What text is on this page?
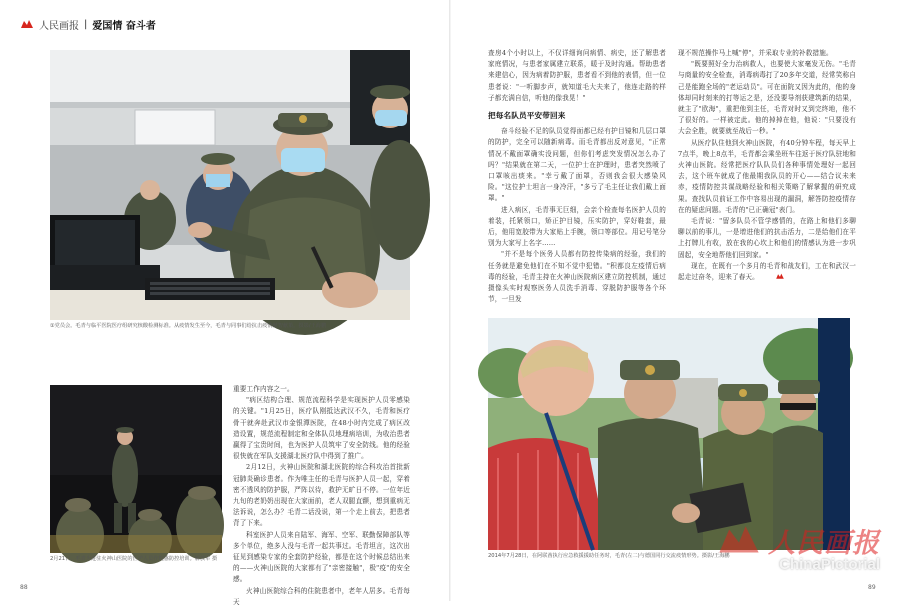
人民画报 | 爱国情 奋斗者
①党员会。毛青与临平医院医疗组研究核酸检测标准。从疫情发生至今，毛青与同事们给抗击疫情献智献策。摄影/王海鹏
2月21日，毛青为进驻火神山医院的医护人员作院感防控培训。解放军 摄

重要工作内容之一。

"病区结构合理、规范流程科学是实现医护人员零感染的关键。"1月25日，医疗队刚抵达武汉不久，毛青和医疗骨干就奔赴武汉市金银潭医院，在48小时内完成了病区改造设置，规范流程制定和全体队员地理病培训，为收治患者赢得了宝贵时间，也为医护人员筑牢了安全防线。他的经验很快就在军队支援湖北医疗队中得到了推广。

2月12日，火神山医院和湖北医院的综合科攻治首批新冠肺炎确诊患者。作为唯主任的毛青与医护人员一起，穿着密不透风的防护服，严阵以待，救护无旷日不停。一位年近九旬的老奶奶出现在大家面前，老人双腿直颤，想到重病无法诉说，怎么办？毛青二话没说，第一个走上前去，把患者背了下来。

科室医护人员来自陆军、海军、空军、联勤保障部队等多个单位，绝多人没与毛青一起共事过。毛青坦言，这次出征见到感染专家的全套防护经验，都是在这个时候总结出来的——火神山医院的大家都有了"亲密接触"，极"疫"的安全感。

火神山医院综合科的住院患者中，老年人居多。毛青每天

88

查房4个小时以上，不仅详细询问病情、病史，还了解患者家庭情况，与患者家属建立联系，暖于及时沟通。帮助患者来建信心，因为病着防护服，患者看不到他的表情，但一位患者说："一听脚步声，就知道毛大夫来了，他连走路的样子都充满自信，听他的像我晃！"

把每名队员平安带回来

奋斗经验不足的队员觉得面都已经有护目镜和几层口罩的防护，完全可以随新病毒。而毛青都出反对意见，"正常情况不戴面罩确实没问题，但你们考虑突发情况怎么办了吗？"结果就在第二天，一位护士在护理时，患者突然喷了口罩咳出痰来。"幸亏戴了面罩，否则我会很大感染风险。"这位护士坦言一身冷汗，"多亏了毛主任让我们戴上面罩。"

进入病区，毛青事无巨细，会亲个检查每名医护人员的着装，托紧领口，矫正护目镜，压实防护，穿好鞋套，最后，他用宽胶带为大家贴上手腕，领口等部位。用记号笔分别为大家写上名字……

"并不是每个医务人员都有防控传染病的经验，我们的任务就是避免他们在不知不觉中犯错。"积都良左疫情后病毒的经验，毛青主持在火神山医院病区建立防控机制，通过摄像头实时观察医务人员洗手消毒、穿脱防护服等各个环节，一旦发

现不规范操作马上喊"停"，并采取专业的补救措施。

"既要照好全力治病救人，也要使大家毫发无伤。"毛青与商量的安全检查，消毒病毒打了20多年交道，经常笑称自己是能跑全场的"老运动员"。可在面院又因为此的，他的身体却同时刻来的打等运之是，还没要导剂获建筑新的结果，就主了"欧海"，重把他到主任，毛青对时又到完终地，他不了很好的。一样被定此。他的掉掉在他，他说："只要没有大会全胜，就要就至战后一秒。"

从医疗队住他到火神山医院，有40分钟车程，每天早上7点半，晚上8点半，毛青都会乘坐班车往返于医疗队驻地和火神山医院。经常把医疗队队员们各种事情处理好一起回去，这个班车就成了他最期我队员的开心——结合议未来赤，疫情防控共谋战略经验和相关策略了解掌握的研究成果。查找队员前证工作中容易出现的漏洞，解答防控疫情存在的疑虑问题。毛青的"已正确冠"表门。

毛青说："留多队员不管学感情的，在路上和他们多聊聊以前的事儿，一是增进他们的抗击活力，二是给他们在平上打牌儿有收，放在我的心坎上和他们的情感认为进一步巩固起，安全地帮他们回到家。"

现在，在既有一个多月的毛青和战友们，工在和武汉一起走过奋冬，迎来了春天。

2014年7月28日，在阿联酋执行应急救援援助任务时，毛青(左二)与德国同行交流疫情形势。摄影/王海鹏
89
人民画报
ChinaPictorial
